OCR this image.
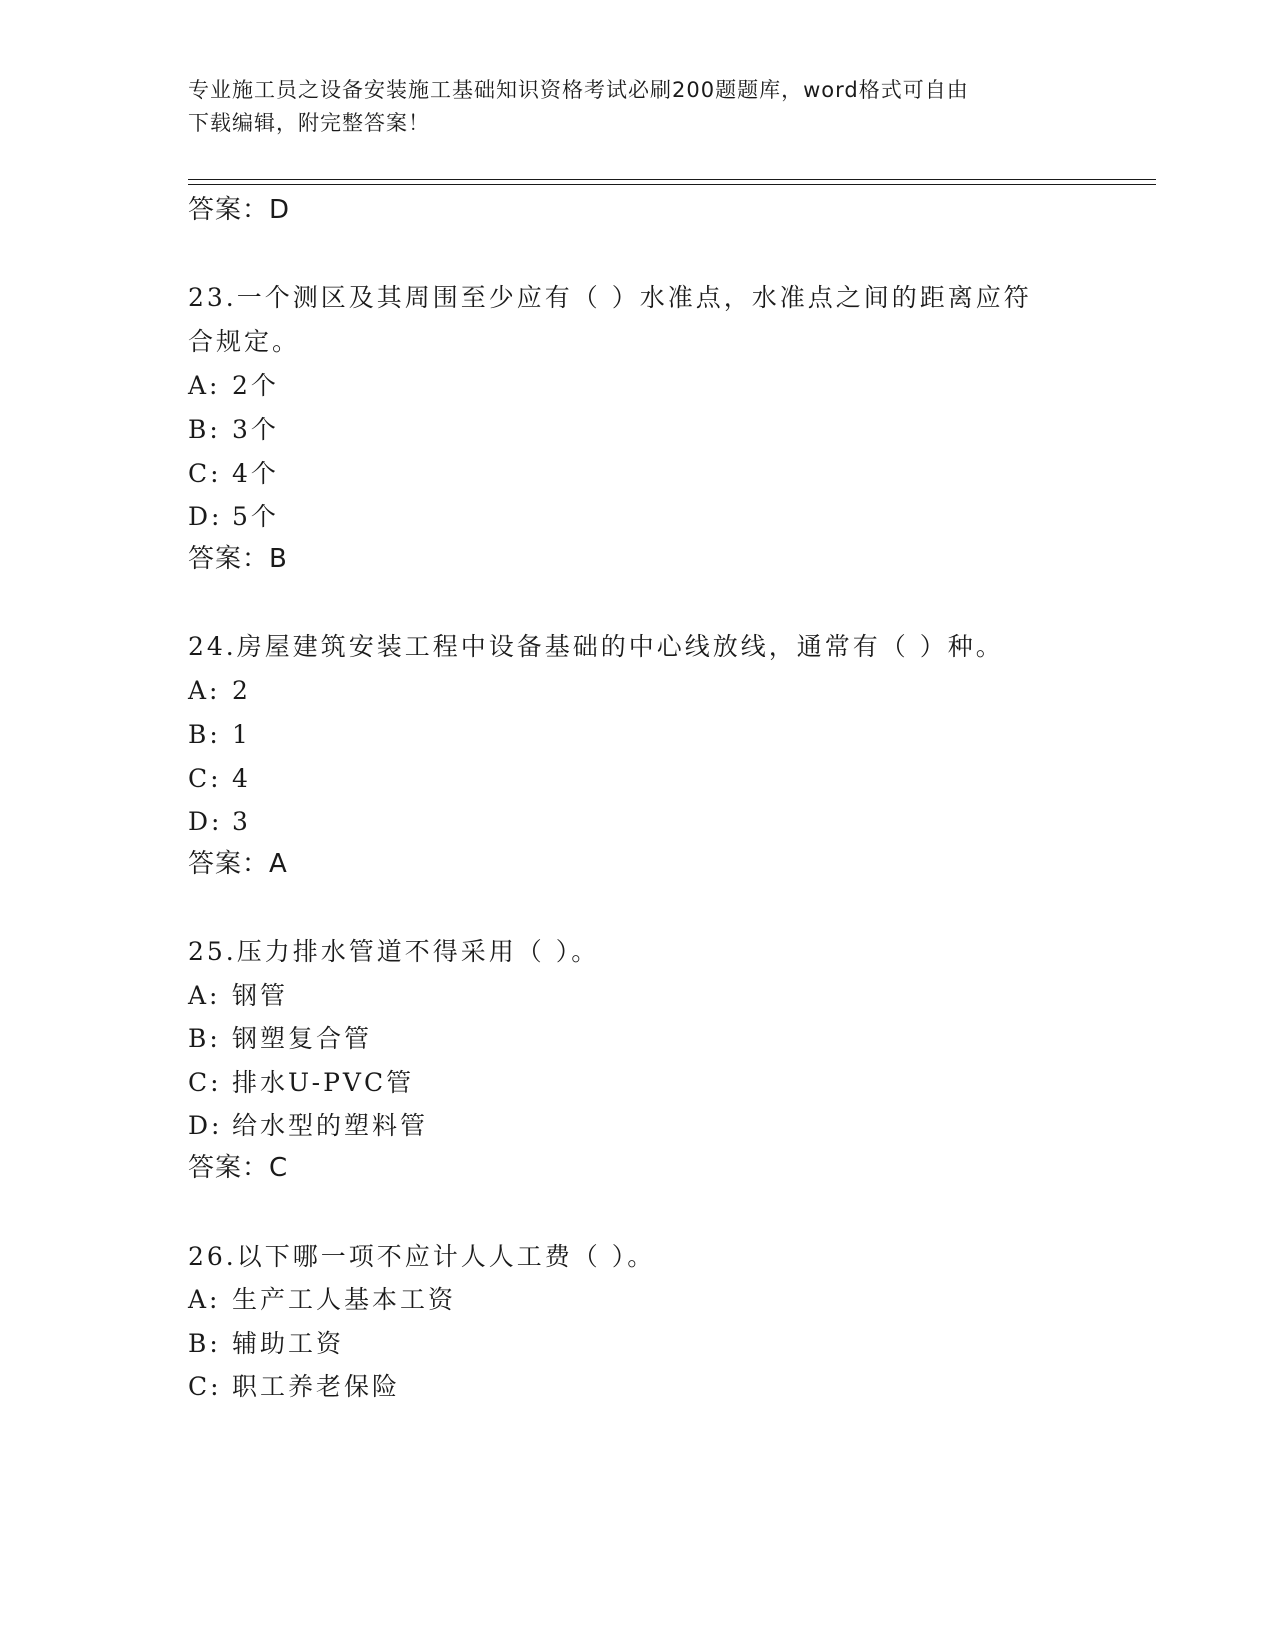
专业施工员之设备安装施工基础知识资格考试必刷200题题库，word格式可自由
下载编辑，附完整答案！
答案：D
23.一个测区及其周围至少应有（ ）水准点，水准点之间的距离应符
合规定。
A: 2个
B: 3个
C: 4个
D: 5个
答案：B
24.房屋建筑安装工程中设备基础的中心线放线，通常有（ ）种。
A: 2
B: 1
C: 4
D: 3
答案：A
25.压力排水管道不得采用（ ）。
A: 钢管
B: 钢塑复合管
C: 排水U-PVC管
D: 给水型的塑料管
答案：C
26.以下哪一项不应计人人工费（ ）。
A: 生产工人基本工资
B: 辅助工资
C: 职工养老保险
